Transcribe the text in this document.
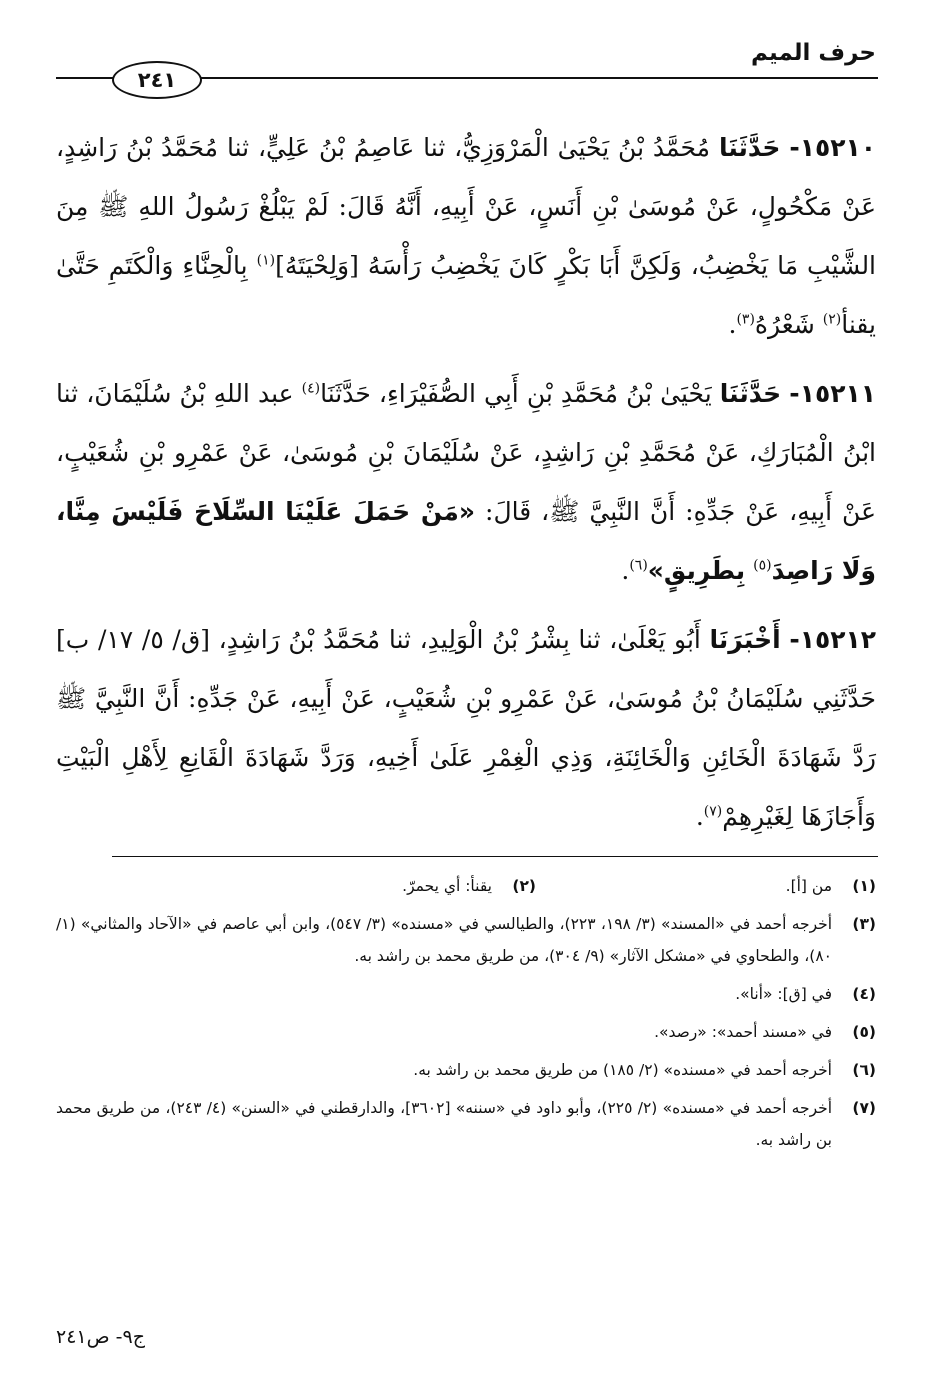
حرف الميم
٢٤١

١٥٢١٠- حَدَّثَنَا مُحَمَّدُ بْنُ يَحْيَىٰ الْمَرْوَزِيُّ، ثنا عَاصِمُ بْنُ عَلِيٍّ، ثنا مُحَمَّدُ بْنُ رَاشِدٍ، عَنْ مَكْحُولٍ، عَنْ مُوسَىٰ بْنِ أَنَسٍ، عَنْ أَبِيهِ، أَنَّهُ قَالَ: لَمْ يَبْلُغْ رَسُولُ اللهِ ﷺ مِنَ الشَّيْبِ مَا يَخْضِبُ، وَلَكِنَّ أَبَا بَكْرٍ كَانَ يَخْضِبُ رَأْسَهُ [وَلِحْيَتَهُ]$^{(١)}$ بِالْحِنَّاءِ وَالْكَتَمِ حَتَّىٰ يقنأ$^{(٢)}$ شَعْرُهُ$^{(٣)}$.

١٥٢١١- حَدَّثَنَا يَحْيَىٰ بْنُ مُحَمَّدِ بْنِ أَبِي الصُّفَيْرَاءِ، حَدَّثَنَا$^{(٤)}$ عبد اللهِ بْنُ سُلَيْمَانَ، ثنا ابْنُ الْمُبَارَكِ، عَنْ مُحَمَّدِ بْنِ رَاشِدٍ، عَنْ سُلَيْمَانَ بْنِ مُوسَىٰ، عَنْ عَمْرِو بْنِ شُعَيْبٍ، عَنْ أَبِيهِ، عَنْ جَدِّهِ: أَنَّ النَّبِيَّ ﷺ، قَالَ: «مَنْ حَمَلَ عَلَيْنَا السِّلَاحَ فَلَيْسَ مِنَّا، وَلَا رَاصِدَ$^{(٥)}$ بِطَرِيقٍ»$^{(٦)}$.

١٥٢١٢- أَخْبَرَنَا أَبُو يَعْلَىٰ، ثنا بِشْرُ بْنُ الْوَلِيدِ، ثنا مُحَمَّدُ بْنُ رَاشِدٍ، [ق/ ٥/ ١٧/ ب] حَدَّثَنِي سُلَيْمَانُ بْنُ مُوسَىٰ، عَنْ عَمْرِو بْنِ شُعَيْبٍ، عَنْ أَبِيهِ، عَنْ جَدِّهِ: أَنَّ النَّبِيَّ ﷺ رَدَّ شَهَادَةَ الْخَائِنِ وَالْخَائِنَةِ، وَذِي الْغِمْرِ عَلَىٰ أَخِيهِ، وَرَدَّ شَهَادَةَ الْقَانِعِ لِأَهْلِ الْبَيْتِ وَأَجَازَهَا لِغَيْرِهِمْ$^{(٧)}$.

(١)
من [أ].
(٢)
يقنأ: أي يحمرّ.
(٣)
أخرجه أحمد في «المسند» (٣/ ١٩٨، ٢٢٣)، والطيالسي في «مسنده» (٣/ ٥٤٧)، وابن أبي عاصم في «الآحاد والمثاني» (١/ ٨٠)، والطحاوي في «مشكل الآثار» (٩/ ٣٠٤)، من طريق محمد بن راشد به.
(٤)
في [ق]: «أنا».
(٥)
في «مسند أحمد»: «رصد».
(٦)
أخرجه أحمد في «مسنده» (٢/ ١٨٥) من طريق محمد بن راشد به.
(٧)
أخرجه أحمد في «مسنده» (٢/ ٢٢٥)، وأبو داود في «سننه» [٣٦٠٢]، والدارقطني في «السنن» (٤/ ٢٤٣)، من طريق محمد بن راشد به.
ج٩- ص٢٤١
